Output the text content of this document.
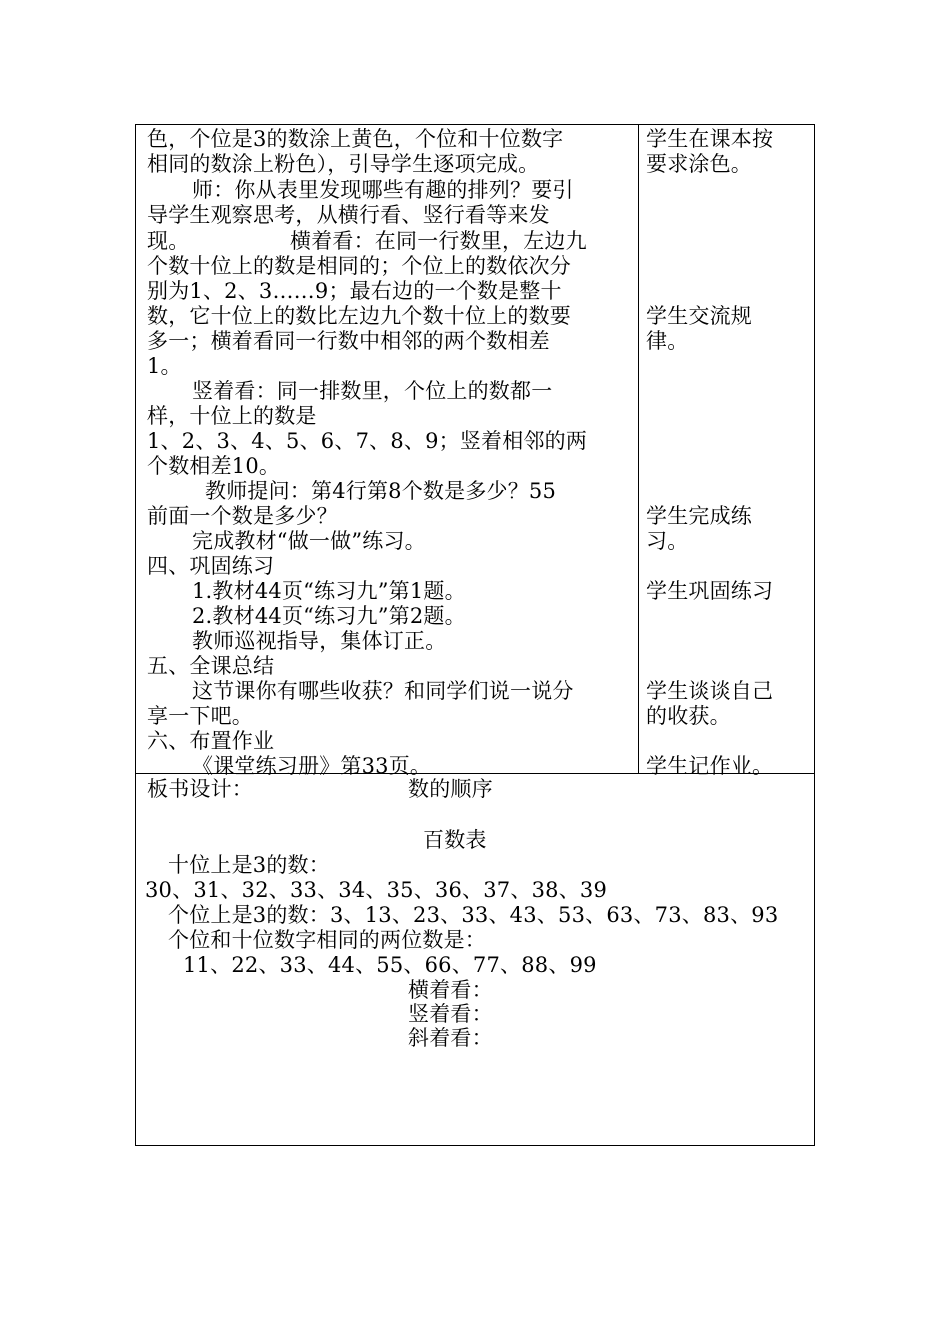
色，个位是3的数涂上黄色，个位和十位数字
相同的数涂上粉色），引导学生逐项完成。
师：你从表里发现哪些有趣的排列？要引
导学生观察思考，从横行看、竖行看等来发
现。	横着看：在同一行数里，左边九
个数十位上的数是相同的；个位上的数依次分
别为1、2、3……9；最右边的一个数是整十
数，它十位上的数比左边九个数十位上的数要
多一；横着看同一行数中相邻的两个数相差
1。
竖着看：同一排数里，个位上的数都一
样，十位上的数是
1、2、3、4、5、6、7、8、9；竖着相邻的两
个数相差10。
教师提问：第4行第8个数是多少？55
前面一个数是多少？
完成教材“做一做”练习。
四、巩固练习
1.教材44页“练习九”第1题。
2.教材44页“练习九”第2题。
教师巡视指导，集体订正。
五、全课总结
这节课你有哪些收获？和同学们说一说分
享一下吧。
六、布置作业
《课堂练习册》第33页。
学生在课本按
要求涂色。
学生交流规
律。
学生完成练
习。
学生巩固练习
学生谈谈自己
的收获。
学生记作业。
板书设计：	数的顺序
百数表
十位上是3的数：
30、31、32、33、34、35、36、37、38、39
个位上是3的数：3、13、23、33、43、53、63、73、83、93
个位和十位数字相同的两位数是：
11、22、33、44、55、66、77、88、99
横着看：
竖着看：
斜着看：
